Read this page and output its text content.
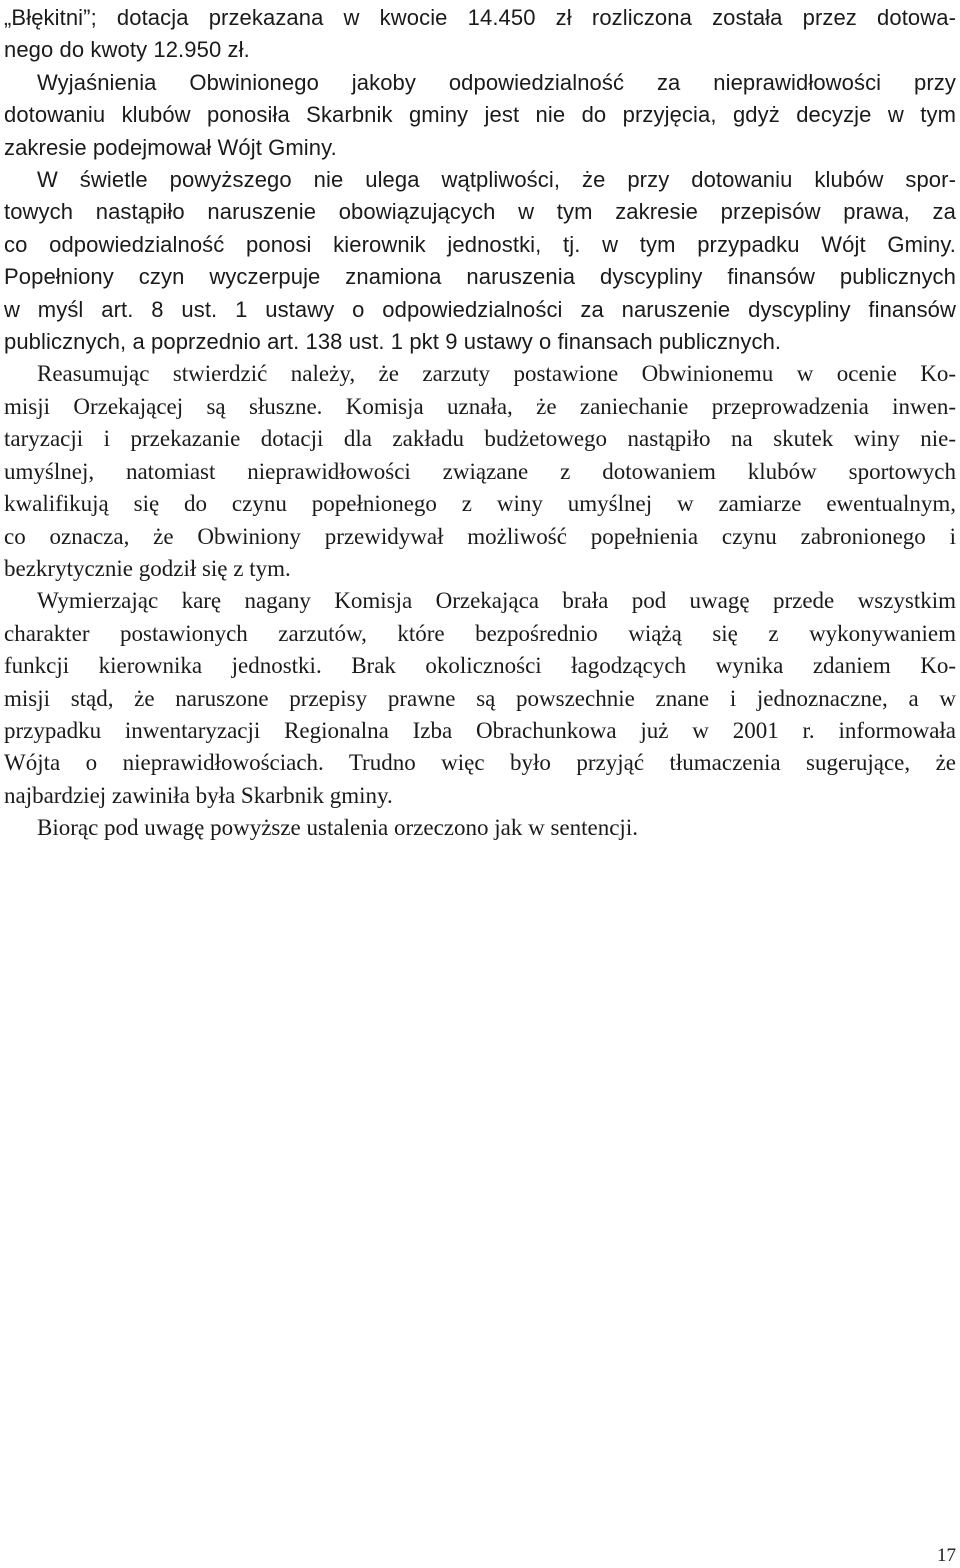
„Błękitni”; dotacja przekazana w kwocie 14.450 zł rozliczona została przez dotowa-

nego do kwoty 12.950 zł.

Wyjaśnienia Obwinionego jakoby odpowiedzialność za nieprawidłowości przy

dotowaniu klubów ponosiła Skarbnik gminy jest nie do przyjęcia, gdyż decyzje w tym

zakresie podejmował Wójt Gminy.

W świetle powyższego nie ulega wątpliwości, że przy dotowaniu klubów spor-

towych nastąpiło naruszenie obowiązujących w tym zakresie przepisów prawa, za

co odpowiedzialność ponosi kierownik jednostki, tj. w tym przypadku Wójt Gminy.

Popełniony czyn wyczerpuje znamiona naruszenia dyscypliny finansów publicznych

w myśl art. 8 ust. 1 ustawy o odpowiedzialności za naruszenie dyscypliny finansów

publicznych, a poprzednio art. 138 ust. 1 pkt 9 ustawy o finansach publicznych.

Reasumując stwierdzić należy, że zarzuty postawione Obwinionemu w ocenie Ko-

misji Orzekającej są słuszne. Komisja uznała, że zaniechanie przeprowadzenia inwen-

taryzacji i przekazanie dotacji dla zakładu budżetowego nastąpiło na skutek winy nie-

umyślnej, natomiast nieprawidłowości związane z dotowaniem klubów sportowych

kwalifikują się do czynu popełnionego z winy umyślnej w zamiarze ewentualnym,

co oznacza, że Obwiniony przewidywał możliwość popełnienia czynu zabronionego i

bezkrytycznie godził się z tym.

Wymierzając karę nagany Komisja Orzekająca brała pod uwagę przede wszystkim

charakter postawionych zarzutów, które bezpośrednio wiążą się z wykonywaniem

funkcji kierownika jednostki. Brak okoliczności łagodzących wynika zdaniem Ko-

misji stąd, że naruszone przepisy prawne są powszechnie znane i jednoznaczne, a w

przypadku inwentaryzacji Regionalna Izba Obrachunkowa już w 2001 r. informowała

Wójta o nieprawidłowościach. Trudno więc było przyjąć tłumaczenia sugerujące, że

najbardziej zawiniła była Skarbnik gminy.

Biorąc pod uwagę powyższe ustalenia orzeczono jak w sentencji.

17
